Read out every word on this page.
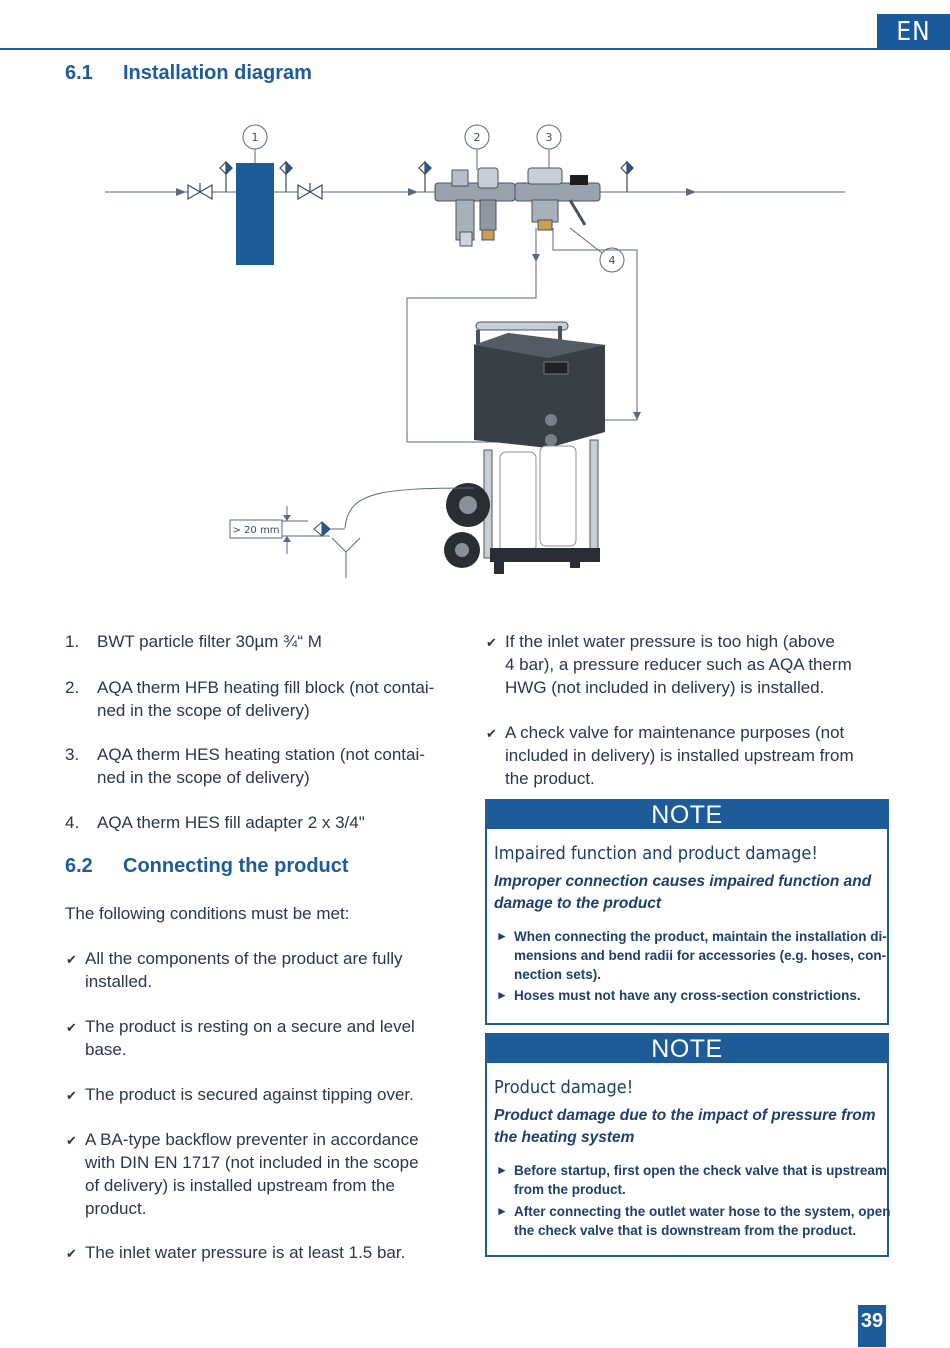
EN
6.1 Installation diagram
1	2	3
4
> 20 mm
1. BWT particle filter 30µm ¾“ M
2. AQA therm HFB heating fill block (not contai-
ned in the scope of delivery)
3. AQA therm HES heating station (not contai-
ned in the scope of delivery)
4. AQA therm HES fill adapter 2 x 3/4"
6.2 Connecting the product
The following conditions must be met:
✔ All the components of the product are fully
installed.
✔ The product is resting on a secure and level
base.
✔ The product is secured against tipping over.
✔ A BA-type backflow preventer in accordance
with DIN EN 1717 (not included in the scope
of delivery) is installed upstream from the
product.
✔ The inlet water pressure is at least 1.5 bar.
✔ If the inlet water pressure is too high (above
4 bar), a pressure reducer such as AQA therm
HWG (not included in delivery) is installed.
✔ A check valve for maintenance purposes (not
included in delivery) is installed upstream from
the product.
NOTE
Impaired function and product damage!
Improper connection causes impaired function and
damage to the product
► When connecting the product, maintain the installation di-
mensions and bend radii for accessories (e.g. hoses, con-
nection sets).
► Hoses must not have any cross-section constrictions.
NOTE
Product damage!
Product damage due to the impact of pressure from
the heating system
► Before startup, first open the check valve that is upstream
from the product.
► After connecting the outlet water hose to the system, open
the check valve that is downstream from the product.
39
